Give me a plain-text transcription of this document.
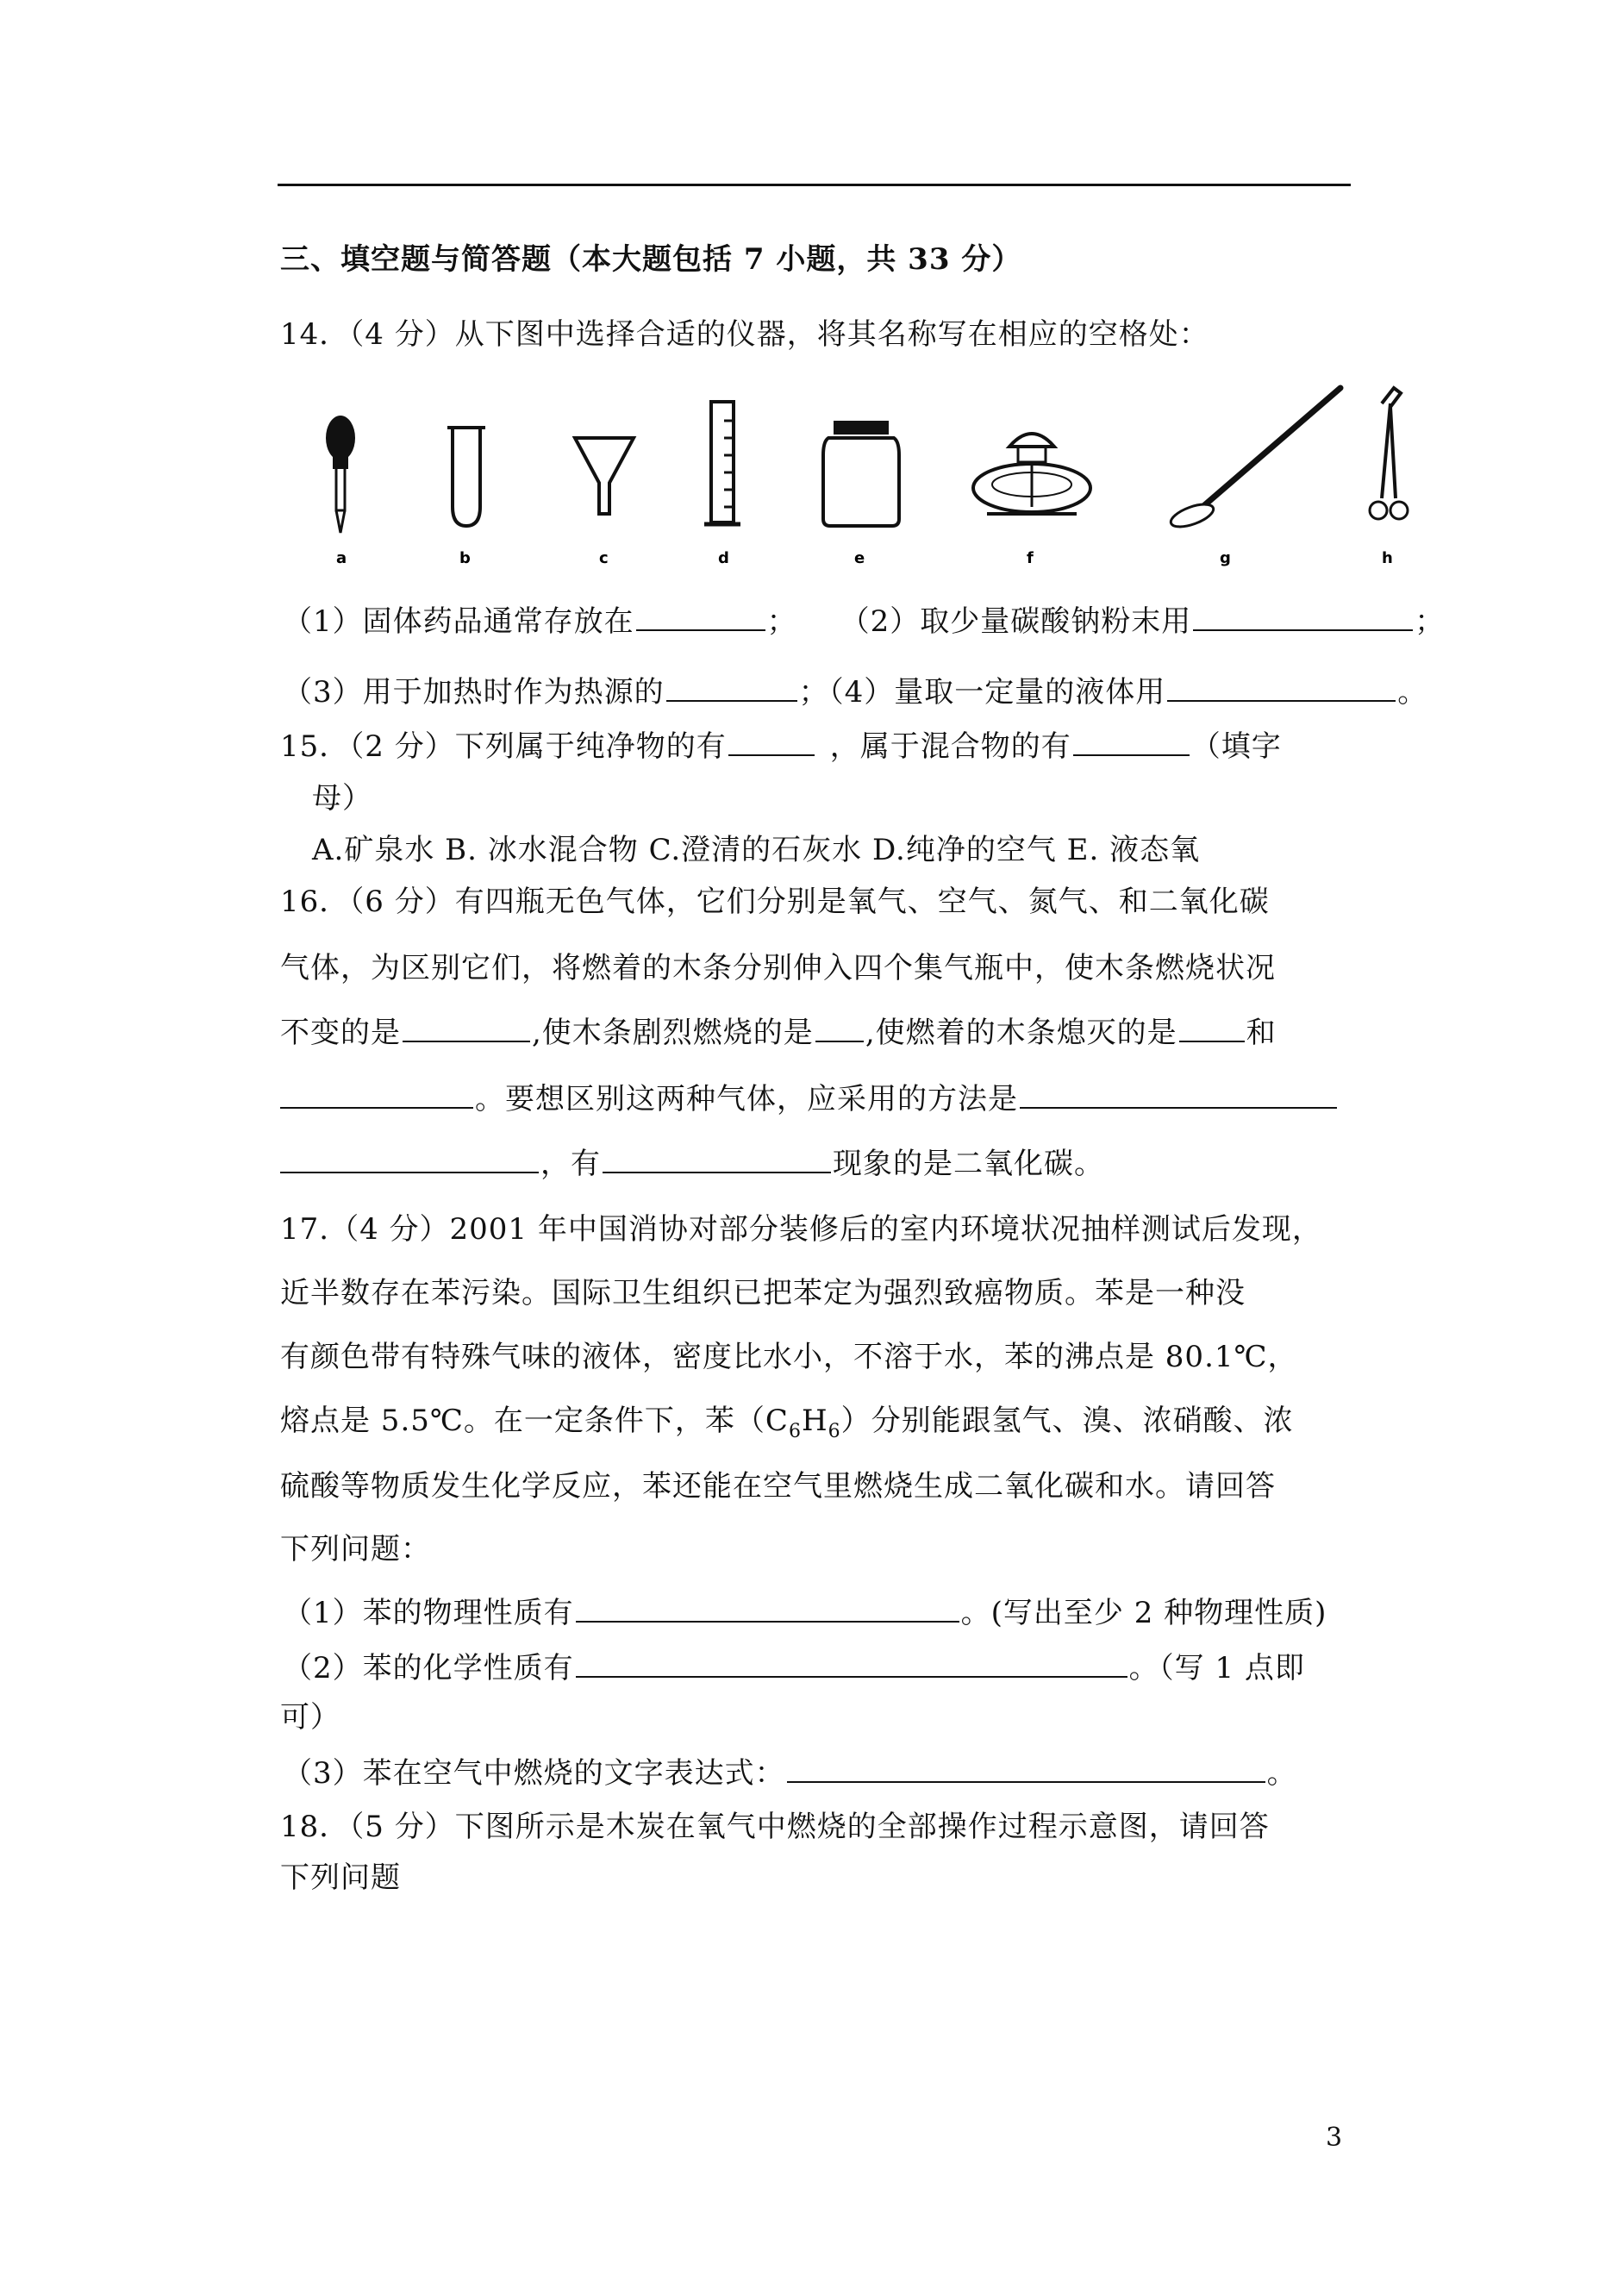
三、填空题与简答题（本大题包括 7 小题，共 33 分）
14．（4 分）从下图中选择合适的仪器，将其名称写在相应的空格处：
a	b	c	d	e	f	g	h
（1）固体药品通常存放在	； （2）取少量碳酸钠粉末用	；
（3）用于加热时作为热源的	；（4）量取一定量的液体用	。
15．（2 分）下列属于纯净物的有	，属于混合物的有	（填字
母）
A.矿泉水 B. 冰水混合物 C.澄清的石灰水 D.纯净的空气 E. 液态氧
16．（6 分）有四瓶无色气体，它们分别是氧气、空气、氮气、和二氧化碳
气体，为区别它们，将燃着的木条分别伸入四个集气瓶中，使木条燃烧状况
不变的是	,使木条剧烈燃烧的是 ,使燃着的木条熄灭的是 和
。要想区别这两种气体，应采用的方法是
，有	现象的是二氧化碳。
17.（4 分）2001 年中国消协对部分装修后的室内环境状况抽样测试后发现，
近半数存在苯污染。国际卫生组织已把苯定为强烈致癌物质。苯是一种没
有颜色带有特殊气味的液体，密度比水小，不溶于水，苯的沸点是 80.1℃，
熔点是 5.5℃。在一定条件下，苯$(C_6H_6)$分别能跟氢气、溴、浓硝酸、浓
硫酸等物质发生化学反应，苯还能在空气里燃烧生成二氧化碳和水。请回答
下列问题：
（1）苯的物理性质有	。(写出至少 2 种物理性质)
（2）苯的化学性质有	。（写 1 点即
可）
（3）苯在空气中燃烧的文字表达式：	。
18．（5 分）下图所示是木炭在氧气中燃烧的全部操作过程示意图，请回答
下列问题
3
